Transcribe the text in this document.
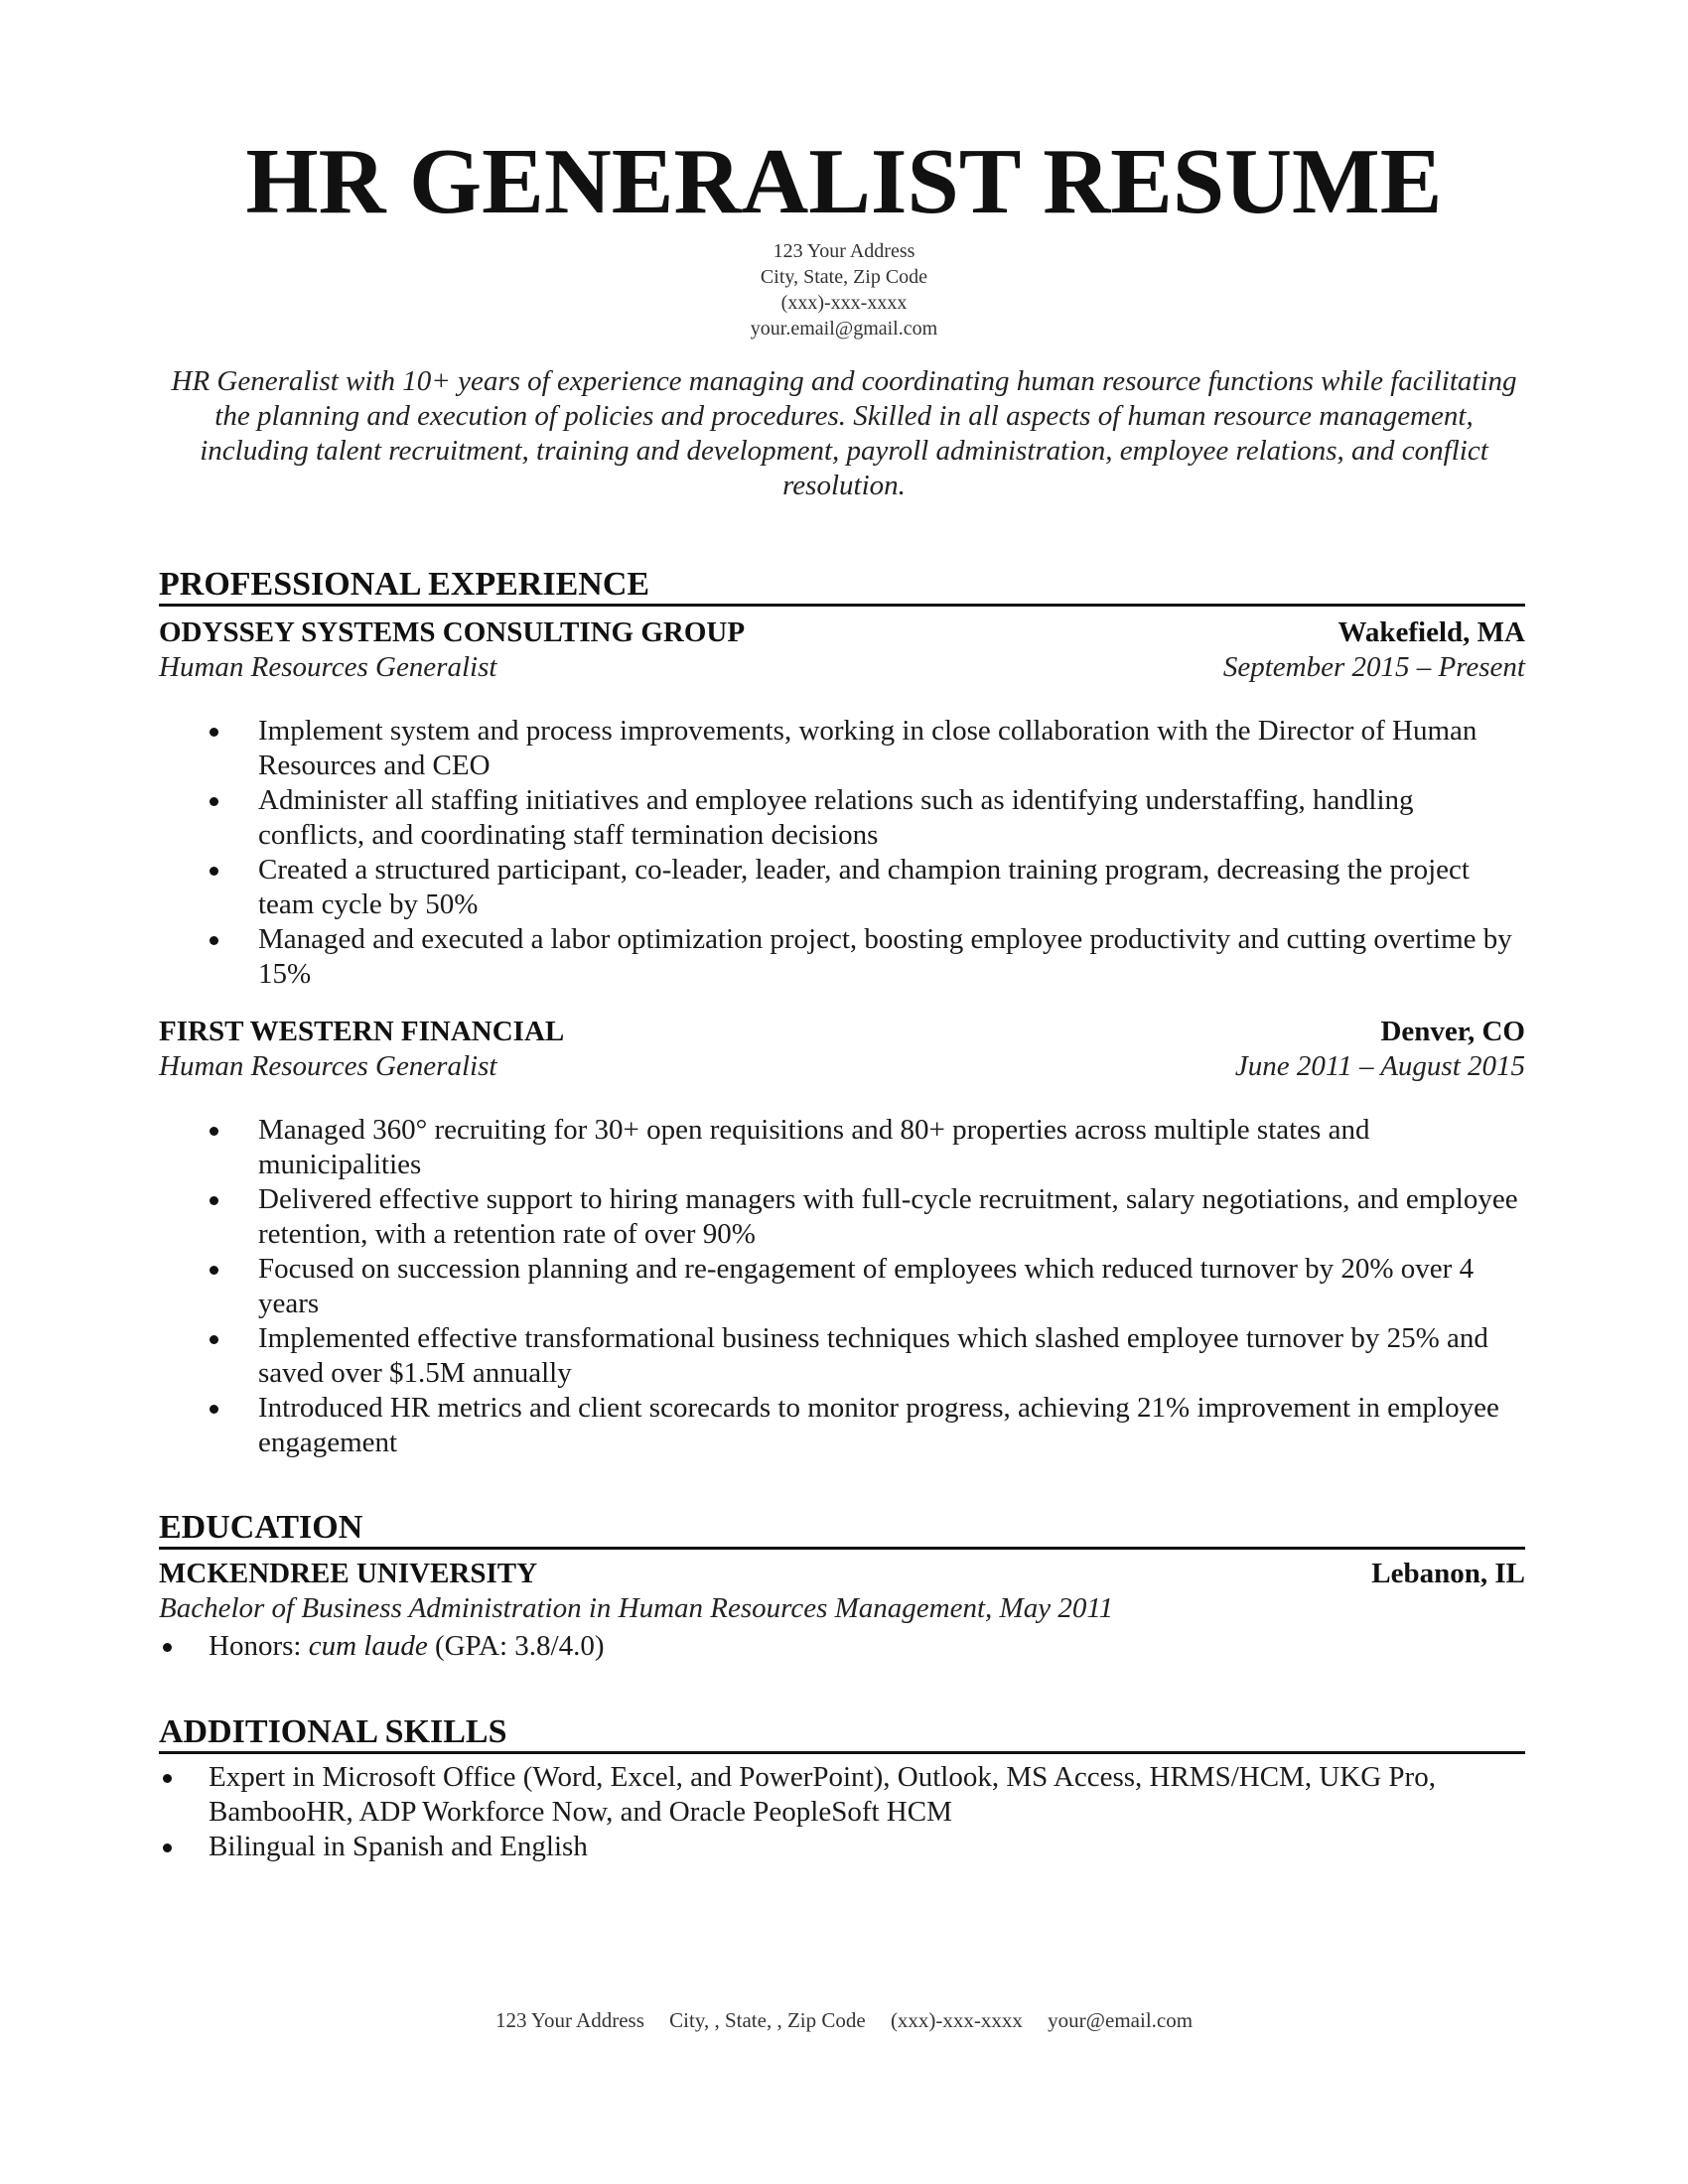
HR GENERALIST RESUME
123 Your Address
City, State, Zip Code
(xxx)-xxx-xxxx
your.email@gmail.com
HR Generalist with 10+ years of experience managing and coordinating human resource functions while facilitating the planning and execution of policies and procedures. Skilled in all aspects of human resource management, including talent recruitment, training and development, payroll administration, employee relations, and conflict resolution.
PROFESSIONAL EXPERIENCE
ODYSSEY SYSTEMS CONSULTING GROUP	Wakefield, MA
Human Resources Generalist	September 2015 – Present
Implement system and process improvements, working in close collaboration with the Director of Human Resources and CEO
Administer all staffing initiatives and employee relations such as identifying understaffing, handling conflicts, and coordinating staff termination decisions
Created a structured participant, co-leader, leader, and champion training program, decreasing the project team cycle by 50%
Managed and executed a labor optimization project, boosting employee productivity and cutting overtime by 15%
FIRST WESTERN FINANCIAL	Denver, CO
Human Resources Generalist	June 2011 – August 2015
Managed 360° recruiting for 30+ open requisitions and 80+ properties across multiple states and municipalities
Delivered effective support to hiring managers with full-cycle recruitment, salary negotiations, and employee retention, with a retention rate of over 90%
Focused on succession planning and re-engagement of employees which reduced turnover by 20% over 4 years
Implemented effective transformational business techniques which slashed employee turnover by 25% and saved over $1.5M annually
Introduced HR metrics and client scorecards to monitor progress, achieving 21% improvement in employee engagement
EDUCATION
MCKENDREE UNIVERSITY	Lebanon, IL
Bachelor of Business Administration in Human Resources Management, May 2011
Honors: cum laude (GPA: 3.8/4.0)
ADDITIONAL SKILLS
Expert in Microsoft Office (Word, Excel, and PowerPoint), Outlook, MS Access, HRMS/HCM, UKG Pro, BambooHR, ADP Workforce Now, and Oracle PeopleSoft HCM
Bilingual in Spanish and English
123 Your Address City, , State, , Zip Code (xxx)-xxx-xxxx your@email.com
